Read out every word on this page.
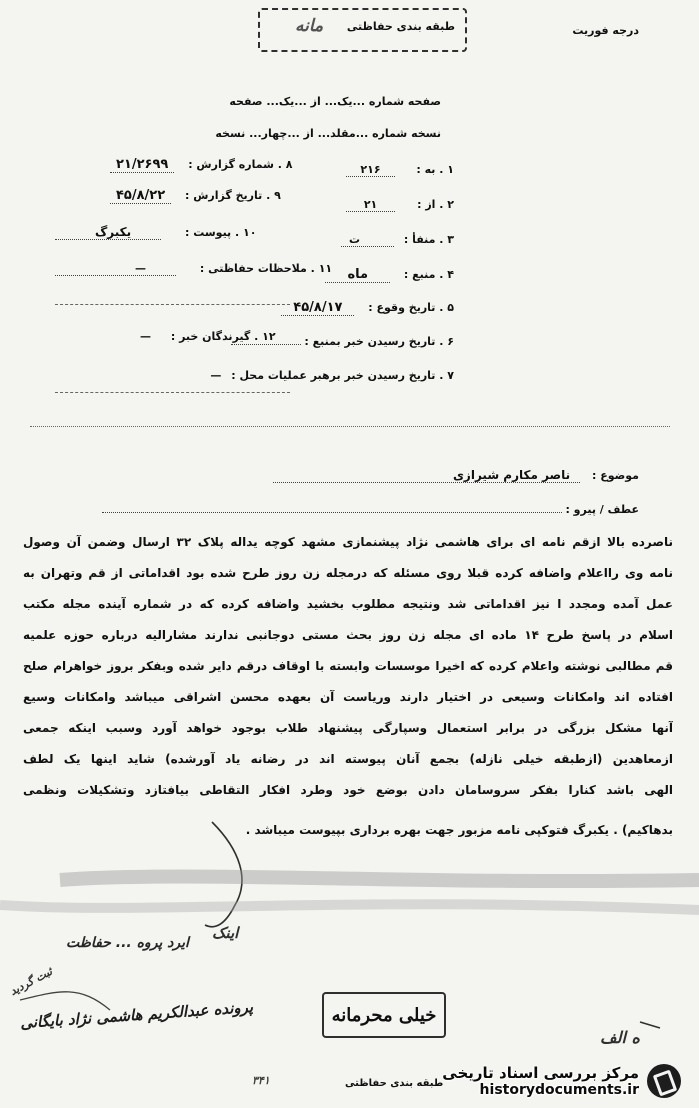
طبقه بندی حفاظتی
مانه	درجه فوریت
صفحه شماره ...یک... از ...یک... صفحه
نسخه شماره ...مقلد... از ...چهار... نسخه
۱ . به : ۲۱۶
۲ . از : ۲۱
۳ . منفأ : ت
۴ . منبع : ماه
۵ . تاریخ وقوع : ۴۵/۸/۱۷
۶ . تاریخ رسیدن خبر بمنبع :
۷ . تاریخ رسیدن خبر برهبر عملیات محل : —
۸ . شماره گزارش : ۲۱/۲۶۹۹
۹ . تاریخ گزارش : ۴۵/۸/۲۲
۱۰ . پیوست : یکبرگ
۱۱ . ملاحظات حفاظتی : —
۱۲ . گیرندگان خبر : —
موضوع : ناصر مکارم شیرازی
عطف / پیرو :
ناصرده بالا ازقم نامه ای برای هاشمی نژاد پیشنمازی مشهد کوچه یداله پلاک ۳۲ ارسال وضمن آن وصول
نامه وی رااعلام واضافه کرده قبلا روی مسئله که درمجله زن روز طرح شده بود اقداماتی از قم وتهران به
عمل آمده ومجدد ا نیز اقداماتی شد ونتیجه مطلوب بخشید واضافه کرده که در شماره آینده مجله مکتب
اسلام در پاسخ طرح ۱۴ ماده ای مجله زن روز بحث مستی دوجانبی ندارند مشارالیه درباره حوزه علمیه
قم مطالبی نوشته واعلام کرده که اخیرا موسسات وابسته با اوقاف درقم دایر شده وبفکر بروز خواهرام صلح
افتاده اند وامکانات وسیعی در اختیار دارند وریاست آن بعهده محسن اشراقی میباشد وامکانات وسیع
آنها مشکل بزرگی در برابر استعمال وسپارگی پیشنهاد طلاب بوجود خواهد آورد وسبب اینکه جمعی
ازمعاهدین (ازطبقه خیلی نازله) بجمع آنان پیوسته اند در رضانه یاد آورشده) شاید اینها یک لطف
الهی باشد کنارا بفکر سروسامان دادن بوضع خود وطرد افکار التقاطی بیافتازد وتشکیلات ونظمی
بدهاکیم) . یکبرگ فتوکپی نامه مزبور جهت بهره برداری بپیوست میباشد .
اینک
ایرد پروه ... حفاظت
پرونده عبدالکریم هاشمی نژاد بایگانی
ثبت گردید
۳۴۱
ه الف
خیلی محرمانه
طبقه بندی حفاظتی
مرکز بررسی اسناد تاریخی
historydocuments.ir
